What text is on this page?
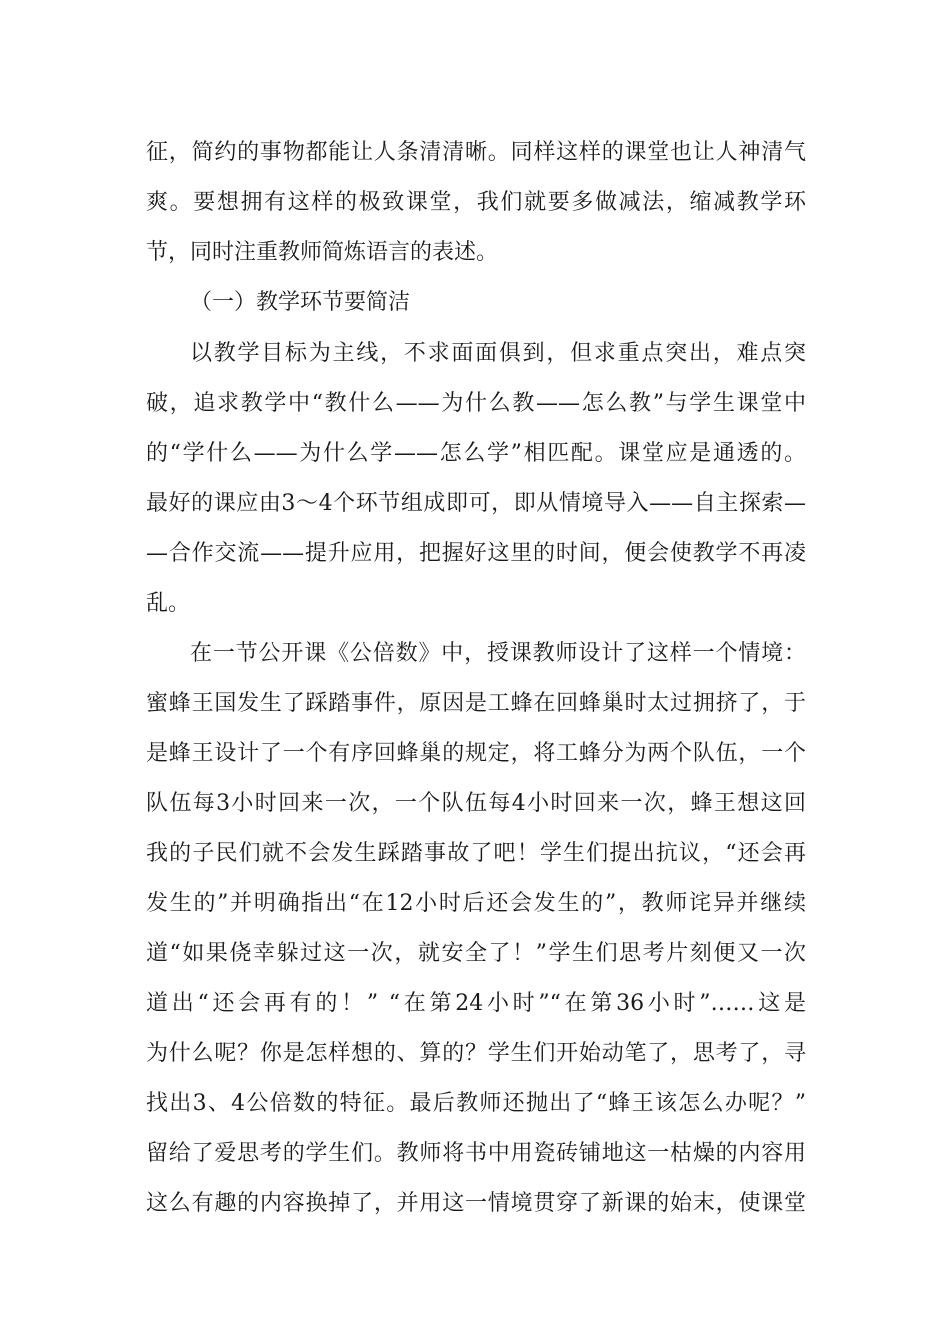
征，简约的事物都能让人条清清晰。同样这样的课堂也让人神清气

爽。要想拥有这样的极致课堂，我们就要多做减法，缩减教学环

节，同时注重教师简炼语言的表述。

（一）教学环节要简洁

以教学目标为主线，不求面面俱到，但求重点突出，难点突

破，追求教学中“教什么——为什么教——怎么教”与学生课堂中

的“学什么——为什么学——怎么学”相匹配。课堂应是通透的。

最好的课应由3～4个环节组成即可，即从情境导入——自主探索—

—合作交流——提升应用，把握好这里的时间，便会使教学不再凌

乱。

在一节公开课《公倍数》中，授课教师设计了这样一个情境：

蜜蜂王国发生了踩踏事件，原因是工蜂在回蜂巢时太过拥挤了，于

是蜂王设计了一个有序回蜂巢的规定，将工蜂分为两个队伍，一个

队伍每3小时回来一次，一个队伍每4小时回来一次，蜂王想这回

我的子民们就不会发生踩踏事故了吧！学生们提出抗议，“还会再

发生的”并明确指出“在12小时后还会发生的”，教师诧异并继续

道“如果侥幸躲过这一次，就安全了！”学生们思考片刻便又一次

道出“还会再有的！” “在第24小时”“在第36小时”……这是

为什么呢？你是怎样想的、算的？学生们开始动笔了，思考了，寻

找出3、4公倍数的特征。最后教师还抛出了“蜂王该怎么办呢？”

留给了爱思考的学生们。教师将书中用瓷砖铺地这一枯燥的内容用

这么有趣的内容换掉了，并用这一情境贯穿了新课的始末，使课堂
